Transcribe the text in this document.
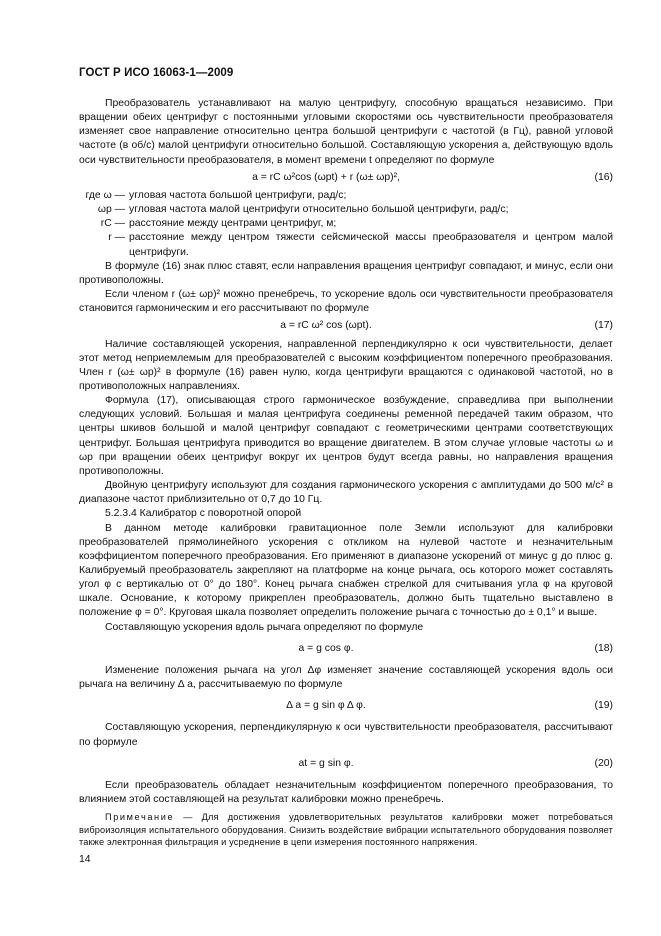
ГОСТ Р ИСО 16063-1—2009

Преобразователь устанавливают на малую центрифугу, способную вращаться независимо. При вращении обеих центрифуг с постоянными угловыми скоростями ось чувствительности преобразователя изменяет свое направление относительно центра большой центрифуги с частотой (в Гц), равной угловой частоте (в об/с) малой центрифуги относительно большой. Составляющую ускорения a, действующую вдоль оси чувствительности преобразователя, в момент времени t определяют по формуле

a = rC ω²cos (ωpt) + r (ω± ωp)²,	(16)
где ω — угловая частота большой центрифуги, рад/с;
ωp — угловая частота малой центрифуги относительно большой центрифуги, рад/с;
rC — расстояние между центрами центрифуг, м;
r — расстояние между центром тяжести сейсмической массы преобразователя и центром малой центрифуги.

В формуле (16) знак плюс ставят, если направления вращения центрифуг совпадают, и минус, если они противоположны.

Если членом r (ω± ωp)² можно пренебречь, то ускорение вдоль оси чувствительности преобразователя становится гармоническим и его рассчитывают по формуле

a = rC ω² cos (ωpt).	(17)

Наличие составляющей ускорения, направленной перпендикулярно к оси чувствительности, делает этот метод неприемлемым для преобразователей с высоким коэффициентом поперечного преобразования. Член r (ω± ωp)² в формуле (16) равен нулю, когда центрифуги вращаются с одинаковой частотой, но в противоположных направлениях.

Формула (17), описывающая строго гармоническое возбуждение, справедлива при выполнении следующих условий. Большая и малая центрифуга соединены ременной передачей таким образом, что центры шкивов большой и малой центрифуг совпадают с геометрическими центрами соответствующих центрифуг. Большая центрифуга приводится во вращение двигателем. В этом случае угловые частоты ω и ωp при вращении обеих центрифуг вокруг их центров будут всегда равны, но направления вращения противоположны.

Двойную центрифугу используют для создания гармонического ускорения с амплитудами до 500 м/с² в диапазоне частот приблизительно от 0,7 до 10 Гц.

5.2.3.4 Калибратор с поворотной опорой

В данном методе калибровки гравитационное поле Земли используют для калибровки преобразователей прямолинейного ускорения с откликом на нулевой частоте и незначительным коэффициентом поперечного преобразования. Его применяют в диапазоне ускорений от минус g до плюс g. Калибруемый преобразователь закрепляют на платформе на конце рычага, ось которого может составлять угол φ с вертикалью от 0° до 180°. Конец рычага снабжен стрелкой для считывания угла φ на круговой шкале. Основание, к которому прикреплен преобразователь, должно быть тщательно выставлено в положение φ = 0°. Круговая шкала позволяет определить положение рычага с точностью до ± 0,1° и выше.

Составляющую ускорения вдоль рычага определяют по формуле

a = g cos φ.	(18)

Изменение положения рычага на угол Δφ изменяет значение составляющей ускорения вдоль оси рычага на величину Δ a, рассчитываемую по формуле

Δ a = g sin φ Δ φ.	(19)

Составляющую ускорения, перпендикулярную к оси чувствительности преобразователя, рассчитывают по формуле

at = g sin φ.	(20)

Если преобразователь обладает незначительным коэффициентом поперечного преобразования, то влиянием этой составляющей на результат калибровки можно пренебречь.

Примечание — Для достижения удовлетворительных результатов калибровки может потребоваться виброизоляция испытательного оборудования. Снизить воздействие вибрации испытательного оборудования позволяет также электронная фильтрация и усреднение в цепи измерения постоянного напряжения.
14
